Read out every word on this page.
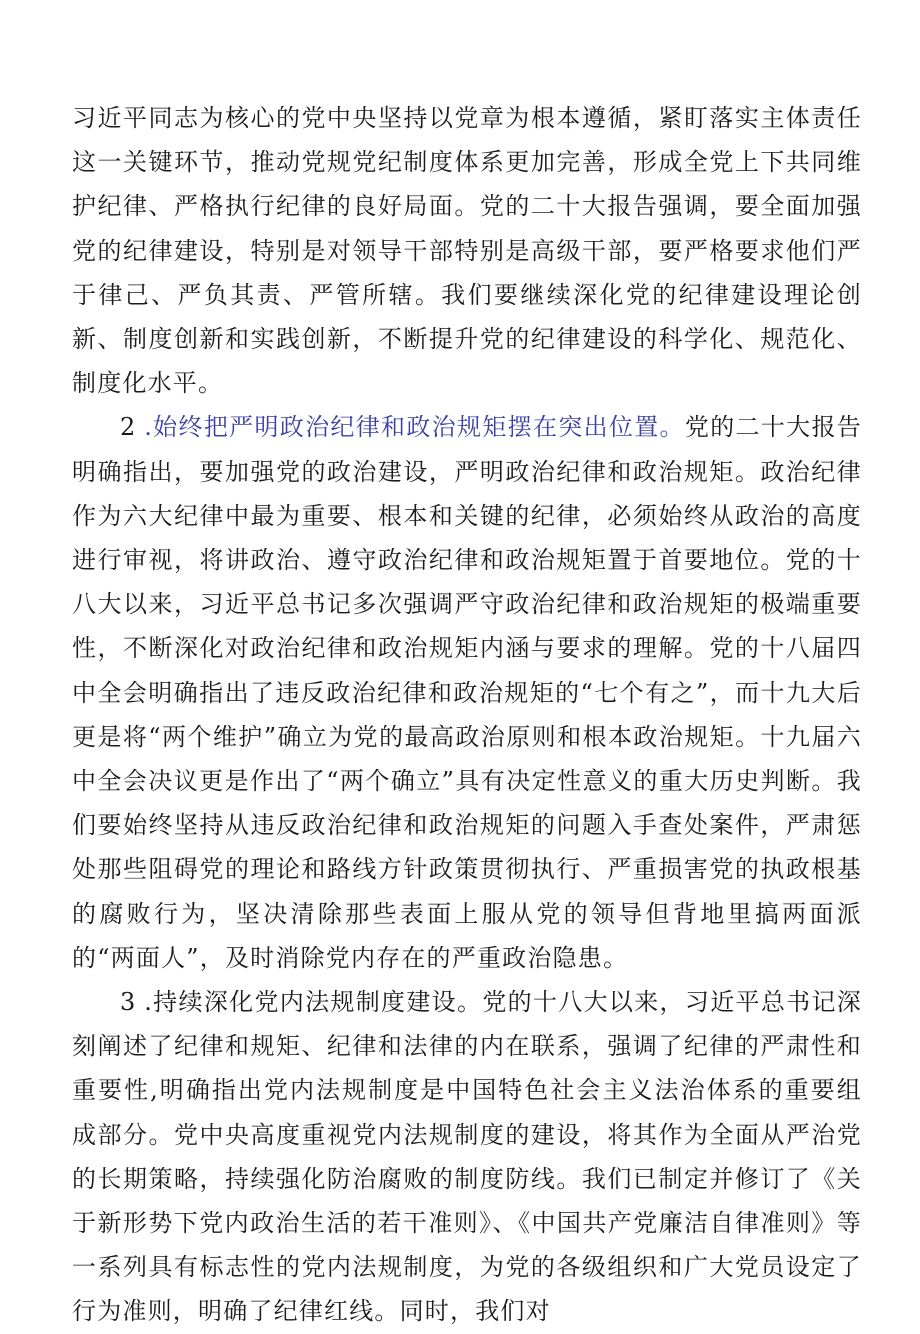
习近平同志为核心的党中央坚持以党章为根本遵循，紧盯落实主体责任这一关键环节，推动党规党纪制度体系更加完善，形成全党上下共同维护纪律、严格执行纪律的良好局面。党的二十大报告强调，要全面加强党的纪律建设，特别是对领导干部特别是高级干部，要严格要求他们严于律己、严负其责、严管所辖。我们要继续深化党的纪律建设理论创新、制度创新和实践创新，不断提升党的纪律建设的科学化、规范化、制度化水平。

2 .始终把严明政治纪律和政治规矩摆在突出位置。党的二十大报告明确指出，要加强党的政治建设，严明政治纪律和政治规矩。政治纪律作为六大纪律中最为重要、根本和关键的纪律，必须始终从政治的高度进行审视，将讲政治、遵守政治纪律和政治规矩置于首要地位。党的十八大以来，习近平总书记多次强调严守政治纪律和政治规矩的极端重要性，不断深化对政治纪律和政治规矩内涵与要求的理解。党的十八届四中全会明确指出了违反政治纪律和政治规矩的“七个有之”，而十九大后更是将“两个维护”确立为党的最高政治原则和根本政治规矩。十九届六中全会决议更是作出了“两个确立”具有决定性意义的重大历史判断。我们要始终坚持从违反政治纪律和政治规矩的问题入手查处案件，严肃惩处那些阻碍党的理论和路线方针政策贯彻执行、严重损害党的执政根基的腐败行为，坚决清除那些表面上服从党的领导但背地里搞两面派的“两面人”，及时消除党内存在的严重政治隐患。

3 .持续深化党内法规制度建设。党的十八大以来，习近平总书记深刻阐述了纪律和规矩、纪律和法律的内在联系，强调了纪律的严肃性和重要性,明确指出党内法规制度是中国特色社会主义法治体系的重要组成部分。党中央高度重视党内法规制度的建设，将其作为全面从严治党的长期策略，持续强化防治腐败的制度防线。我们已制定并修订了《关于新形势下党内政治生活的若干准则》、《中国共产党廉洁自律准则》等一系列具有标志性的党内法规制度，为党的各级组织和广大党员设定了行为准则，明确了纪律红线。同时，我们对
